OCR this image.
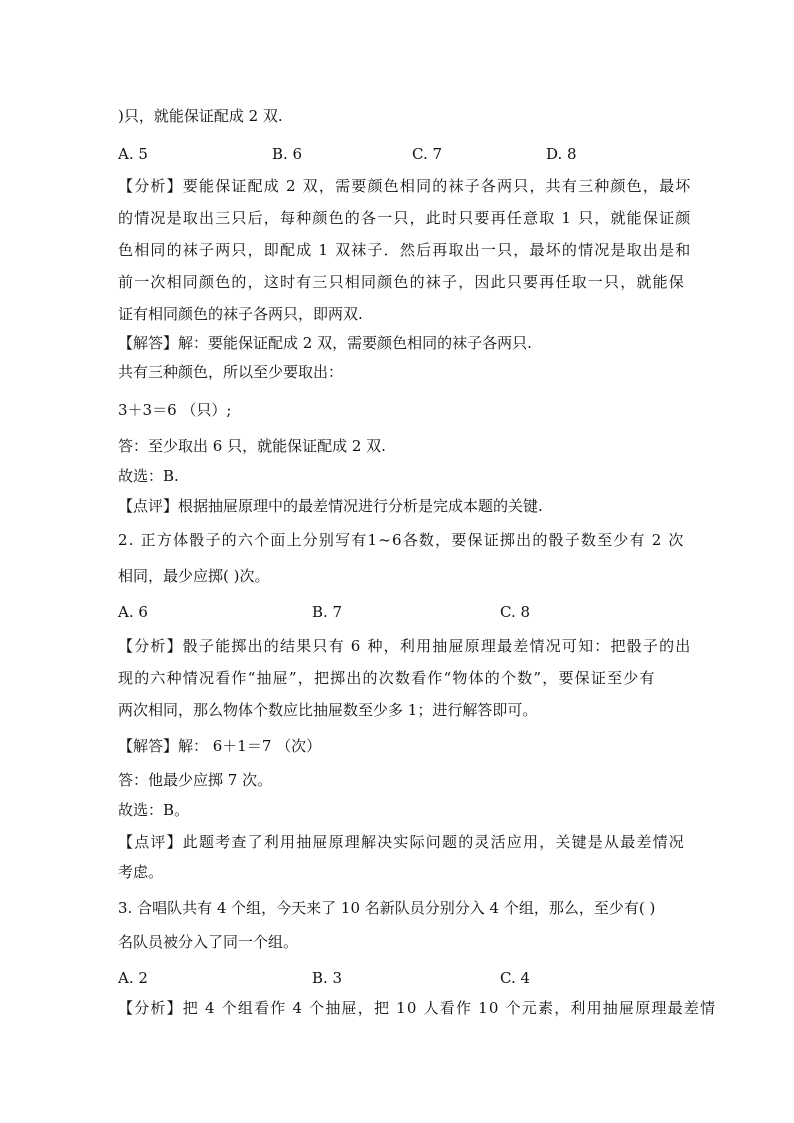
)只，就能保证配成 2 双.
A. 5	B. 6	C. 7	D. 8
【分析】要能保证配成 2 双，需要颜色相同的袜子各两只，共有三种颜色，最坏
的情况是取出三只后，每种颜色的各一只，此时只要再任意取 1 只，就能保证颜
色相同的袜子两只，即配成 1 双袜子．然后再取出一只，最坏的情况是取出是和
前一次相同颜色的，这时有三只相同颜色的袜子，因此只要再任取一只，就能保
证有相同颜色的袜子各两只，即两双.
【解答】解：要能保证配成 2 双，需要颜色相同的袜子各两只.
共有三种颜色，所以至少要取出：
3＋3＝6 （只）;
答：至少取出 6 只，就能保证配成 2 双.
故选：B.
【点评】根据抽屉原理中的最差情况进行分析是完成本题的关键.
2. 正方体骰子的六个面上分别写有1~6各数，要保证掷出的骰子数至少有 2 次
相同，最少应掷( )次。
A. 6	B. 7	C. 8
【分析】骰子能掷出的结果只有 6 种，利用抽屉原理最差情况可知：把骰子的出
现的六种情况看作“抽屉”，把掷出的次数看作“物体的个数”，要保证至少有
两次相同，那么物体个数应比抽屉数至少多 1；进行解答即可。
【解答】解： 6＋1＝7 （次）
答：他最少应掷 7 次。
故选：B。
【点评】此题考查了利用抽屉原理解决实际问题的灵活应用，关键是从最差情况
考虑。
3. 合唱队共有 4 个组，今天来了 10 名新队员分别分入 4 个组，那么，至少有( )
名队员被分入了同一个组。
A. 2	B. 3	C. 4
【分析】把 4 个组看作 4 个抽屉，把 10 人看作 10 个元素，利用抽屉原理最差情
